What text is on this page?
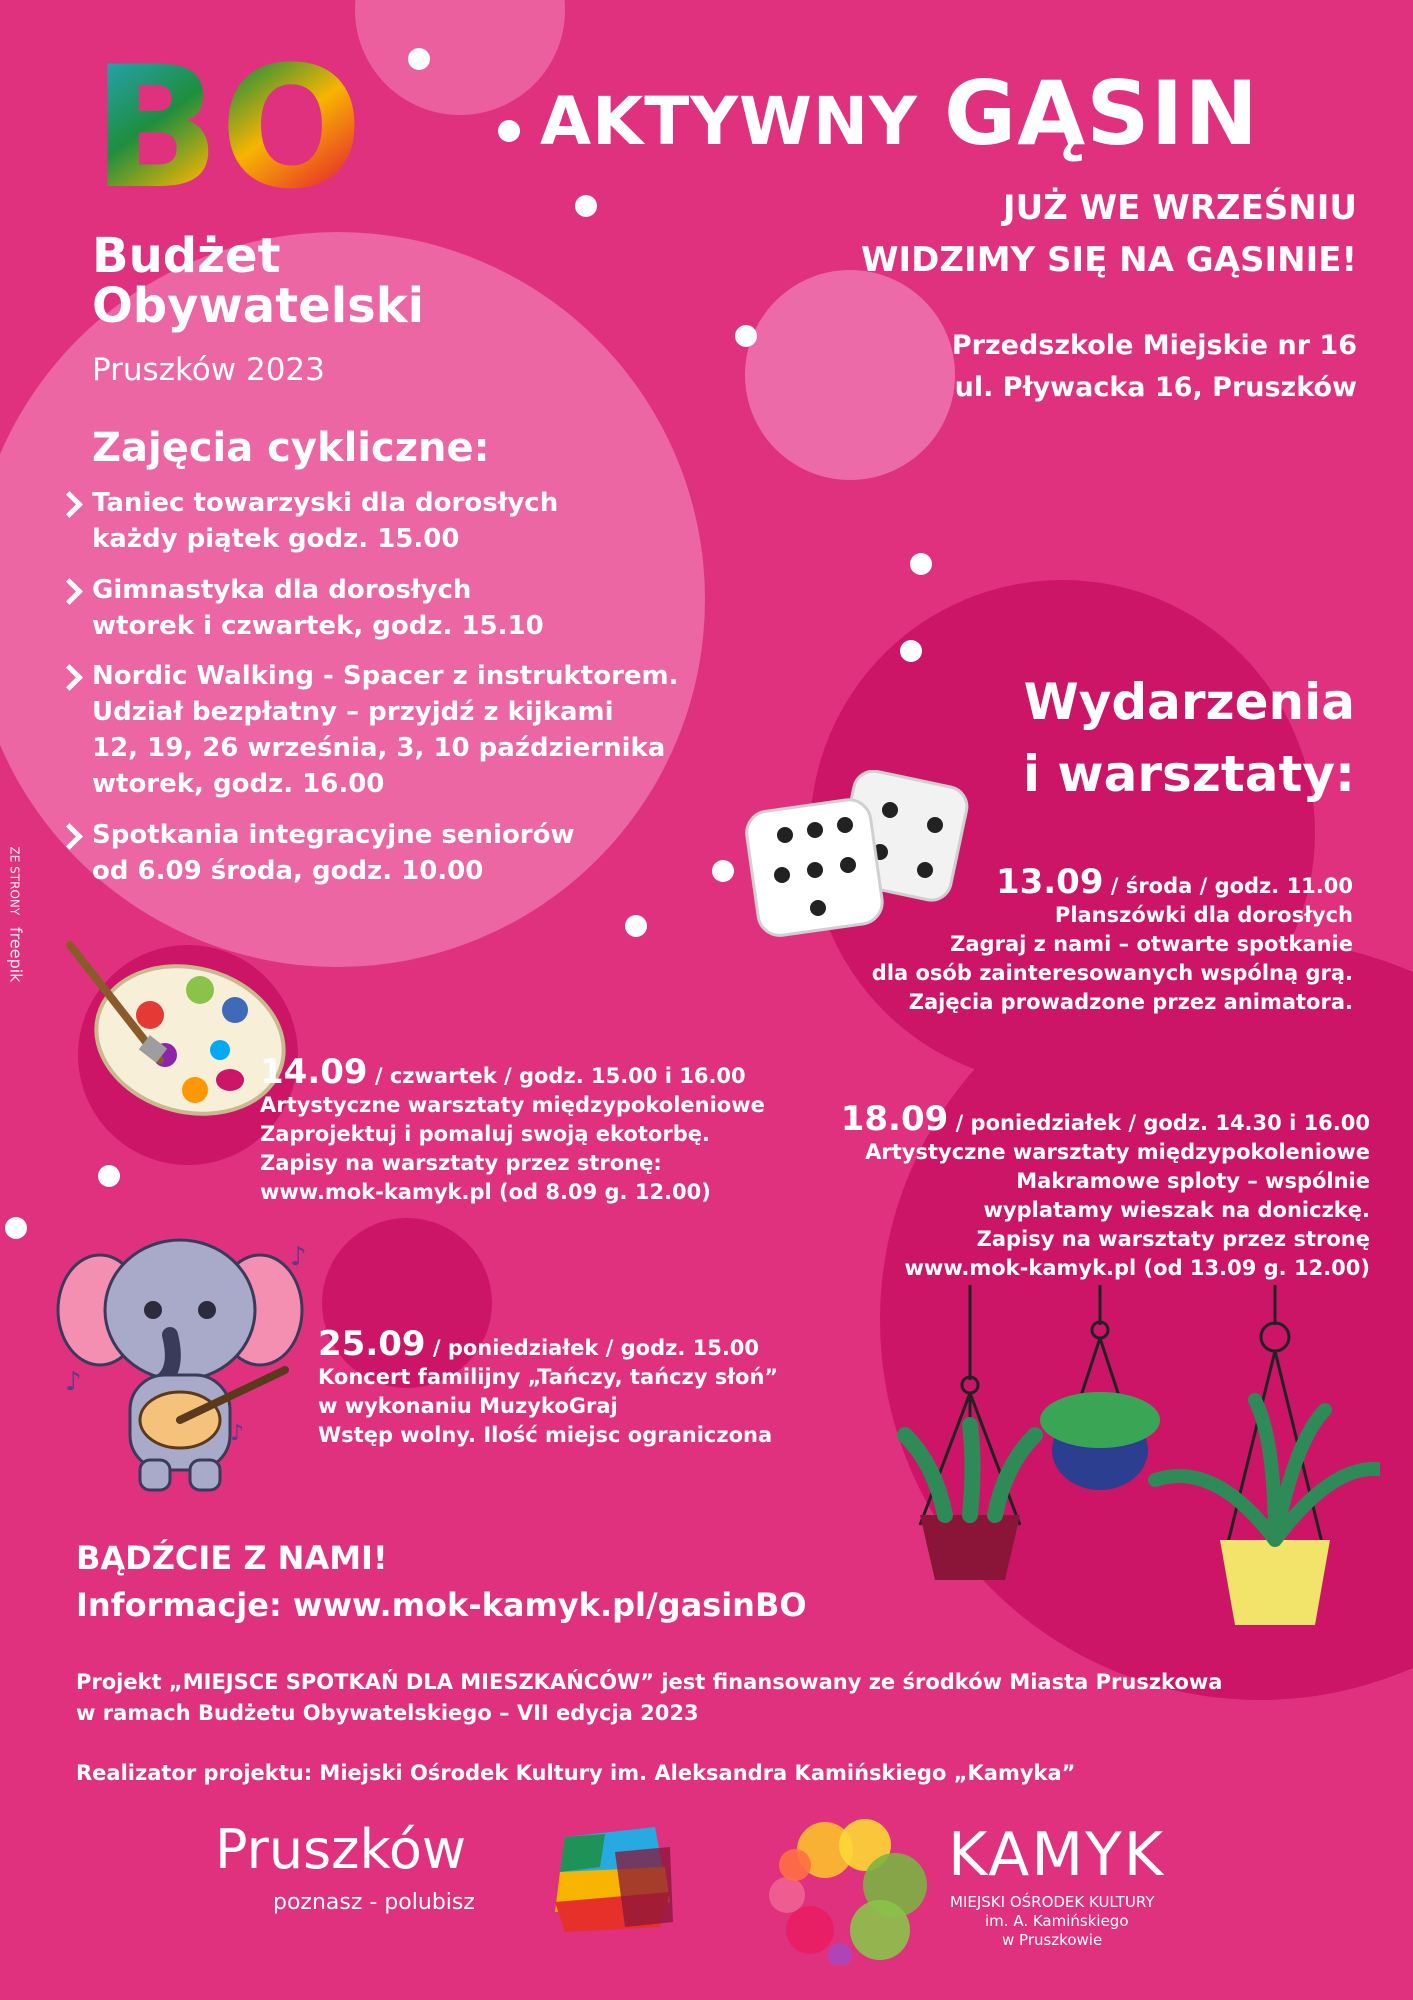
BO
Budżet
Obywatelski
Pruszków 2023
AKTYWNY GĄSIN
JUŻ WE WRZEŚNIU
WIDZIMY SIĘ NA GĄSINIE!
Przedszkole Miejskie nr 16
ul. Pływacka 16, Pruszków
Zajęcia cykliczne:
Taniec towarzyski dla dorosłych
każdy piątek godz. 15.00
Gimnastyka dla dorosłych
wtorek i czwartek, godz. 15.10
Nordic Walking - Spacer z instruktorem.
Udział bezpłatny – przyjdź z kijkami
12, 19, 26 września, 3, 10 października
wtorek, godz. 16.00
Spotkania integracyjne seniorów
od 6.09 środa, godz. 10.00
Wydarzenia
i warsztaty:
13.09 / środa / godz. 11.00
Planszówki dla dorosłych
Zagraj z nami – otwarte spotkanie
dla osób zainteresowanych wspólną grą.
Zajęcia prowadzone przez animatora.
14.09 / czwartek / godz. 15.00 i 16.00
Artystyczne warsztaty międzypokoleniowe
Zaprojektuj i pomaluj swoją ekotorbę.
Zapisy na warsztaty przez stronę:
www.mok-kamyk.pl (od 8.09 g. 12.00)
18.09 / poniedziałek / godz. 14.30 i 16.00
Artystyczne warsztaty międzypokoleniowe
Makramowe sploty – wspólnie
wyplatamy wieszak na doniczkę.
Zapisy na warsztaty przez stronę
www.mok-kamyk.pl (od 13.09 g. 12.00)
♪
♪
♪
25.09 / poniedziałek / godz. 15.00
Koncert familijny „Tańczy, tańczy słoń”
w wykonaniu MuzykoGraj
Wstęp wolny. Ilość miejsc ograniczona
BĄDŹCIE Z NAMI!
Informacje: www.mok-kamyk.pl/gasinBO
Projekt „MIEJSCE SPOTKAŃ DLA MIESZKAŃCÓW” jest finansowany ze środków Miasta Pruszkowa
w ramach Budżetu Obywatelskiego – VII edycja 2023
Realizator projektu: Miejski Ośrodek Kultury im. Aleksandra Kamińskiego „Kamyka”
Pruszków
poznasz - polubisz
KAMYK
MIEJSKI OŚRODEK KULTURY
im. A. Kamińskiego
w Pruszkowie
ZE STRONY freepik
